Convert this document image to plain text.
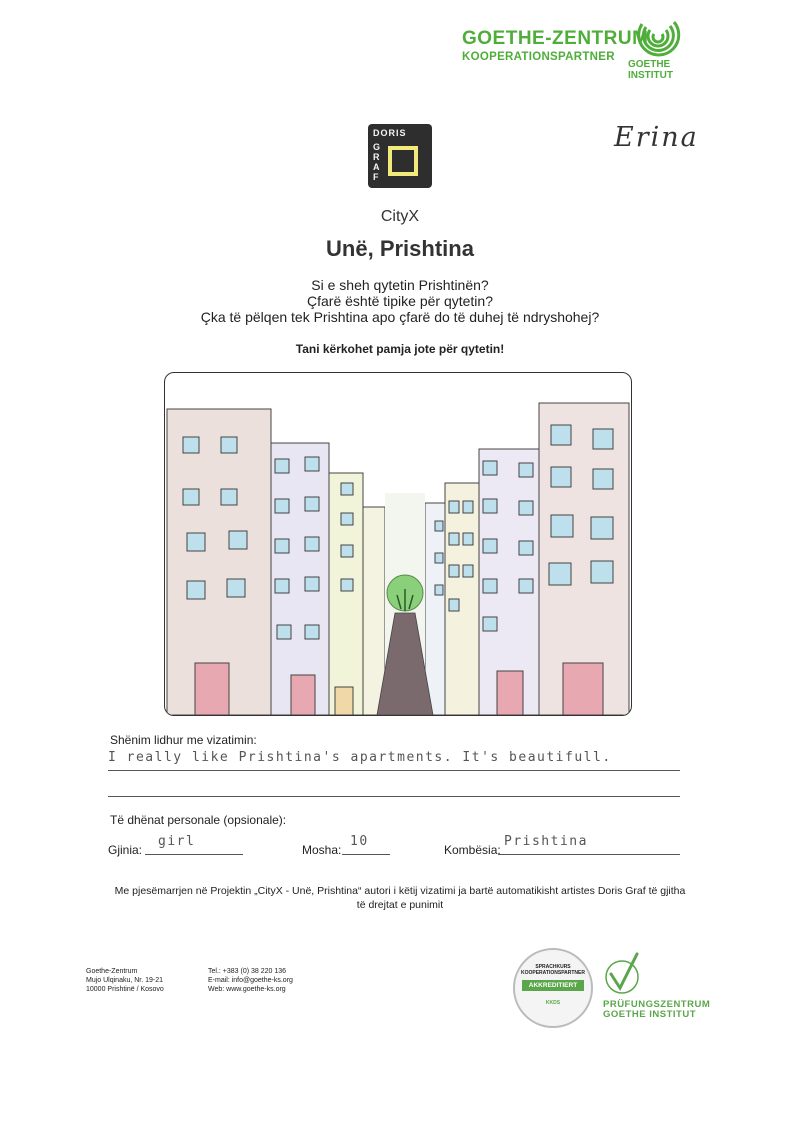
GOETHE-ZENTRUM
KOOPERATIONSPARTNER
GOETHE
INSTITUT
Erina
DORIS
G
R
A
F
CityX
Unë, Prishtina
Si e sheh qytetin Prishtinën?
Çfarë është tipike për qytetin?
Çka të pëlqen tek Prishtina apo çfarë do të duhej të ndryshohej?
Tani kërkohet pamja jote për qytetin!
Shënim lidhur me vizatimin:
I really like Prishtina's apartments. It's beautifull.
Të dhënat personale (opsionale):
Gjinia:
girl
Mosha:
10
Kombësia:
Prishtina
Me pjesëmarrjen në Projektin „CityX - Unë, Prishtina“ autori i këtij vizatimi ja bartë automatikisht artistes Doris Graf të gjitha të drejtat e punimit
Goethe-Zentrum
Mujo Ulqinaku, Nr. 19-21
10000 Prishtinë / Kosovo
Tel.: +383 (0) 38 220 136
E-mail: info@goethe-ks.org
Web: www.goethe-ks.org
SPRACHKURS
KOOPERATIONSPARTNER
AKKREDITIERT
KKDS	PRÜFUNGSZENTRUM
GOETHE INSTITUT
